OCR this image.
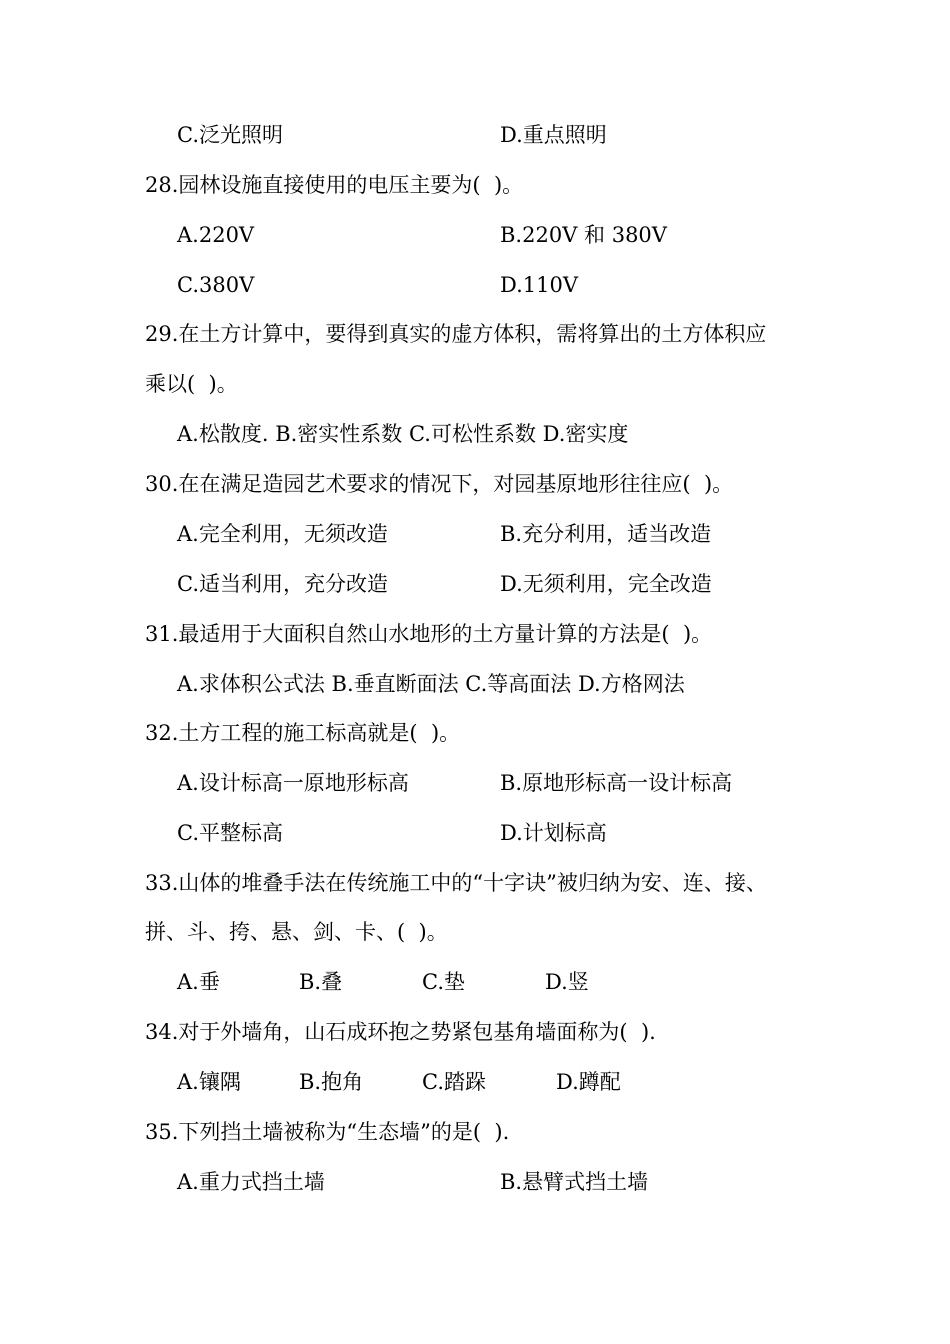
C.泛光照明	D.重点照明
28.园林设施直接使用的电压主要为(  )。
A.220V	B.220V 和 380V
C.380V	D.110V
29.在土方计算中，要得到真实的虚方体积，需将算出的土方体积应
乘以(  )。
A.松散度. B.密实性系数 C.可松性系数 D.密实度
30.在在满足造园艺术要求的情况下，对园基原地形往往应(  )。
A.完全利用，无须改造	B.充分利用，适当改造
C.适当利用，充分改造	D.无须利用，完全改造
31.最适用于大面积自然山水地形的土方量计算的方法是(  )。
A.求体积公式法 B.垂直断面法 C.等高面法 D.方格网法
32.土方工程的施工标高就是(  )。
A.设计标高一原地形标高	B.原地形标高一设计标高
C.平整标高	D.计划标高
33.山体的堆叠手法在传统施工中的“十字诀”被归纳为安、连、接、
拼、斗、挎、悬、剑、卡、(  )。
A.垂	B.叠	C.垫	D.竖
34.对于外墙角，山石成环抱之势紧包基角墙面称为(  ).
A.镶隅	B.抱角	C.踏跺	D.蹲配
35.下列挡土墙被称为“生态墙”的是(  ).
A.重力式挡土墙	B.悬臂式挡土墙
